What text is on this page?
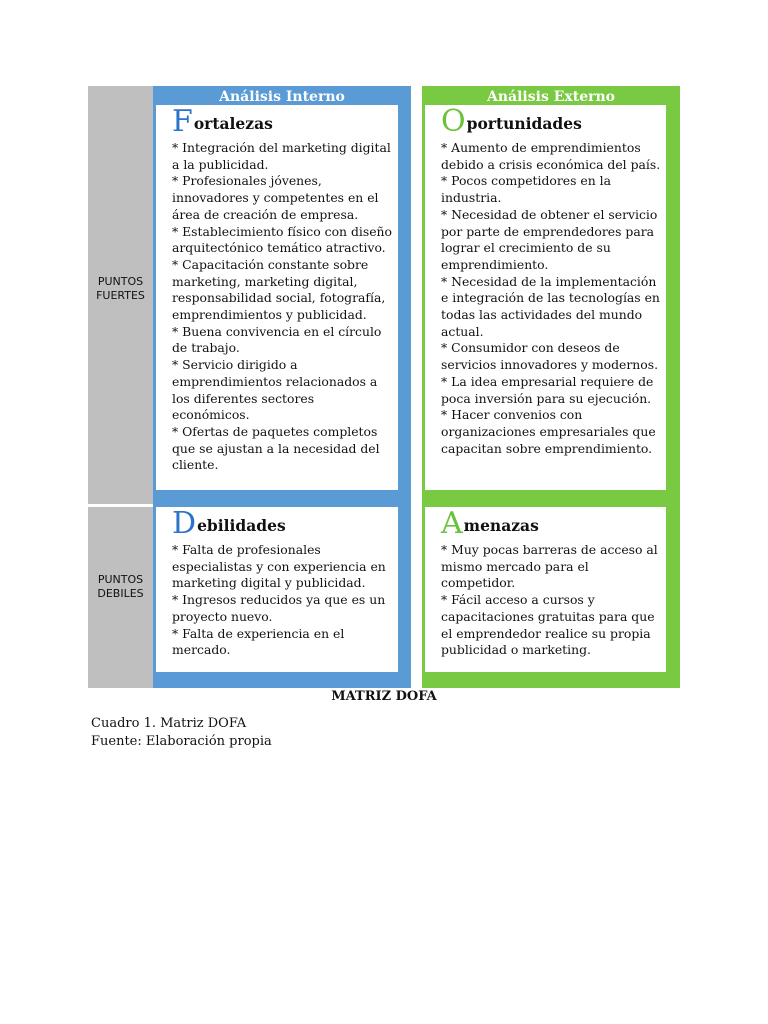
PUNTOS FUERTES
PUNTOS DEBILES
Análisis Interno	Análisis Externo
Fortalezas
* Integración del marketing digital a la publicidad.
* Profesionales jóvenes, innovadores y competentes en el área de creación de empresa.
* Establecimiento físico con diseño arquitectónico temático atractivo.
* Capacitación constante sobre marketing, marketing digital, responsabilidad social, fotografía, emprendimientos y publicidad.
* Buena convivencia en el círculo de trabajo.
* Servicio dirigido a emprendimientos relacionados a los diferentes sectores económicos.
* Ofertas de paquetes completos que se ajustan a la necesidad del cliente.
Oportunidades
* Aumento de emprendimientos debido a crisis económica del país.
* Pocos competidores en la industria.
* Necesidad de obtener el servicio por parte de emprendedores para lograr el crecimiento de su emprendimiento.
* Necesidad de la implementación e integración de las tecnologías en todas las actividades del mundo actual.
* Consumidor con deseos de servicios innovadores y modernos.
* La idea empresarial requiere de poca inversión para su ejecución.
* Hacer convenios con organizaciones empresariales que capacitan sobre emprendimiento.
Debilidades
* Falta de profesionales especialistas y con experiencia en marketing digital y publicidad.
* Ingresos reducidos ya que es un proyecto nuevo.
* Falta de experiencia en el mercado.
Amenazas
* Muy pocas barreras de acceso al mismo mercado para el competidor.
* Fácil acceso a cursos y capacitaciones gratuitas para que el emprendedor realice su propia publicidad o marketing.
MATRIZ DOFA
Cuadro 1. Matriz DOFA
Fuente: Elaboración propia
